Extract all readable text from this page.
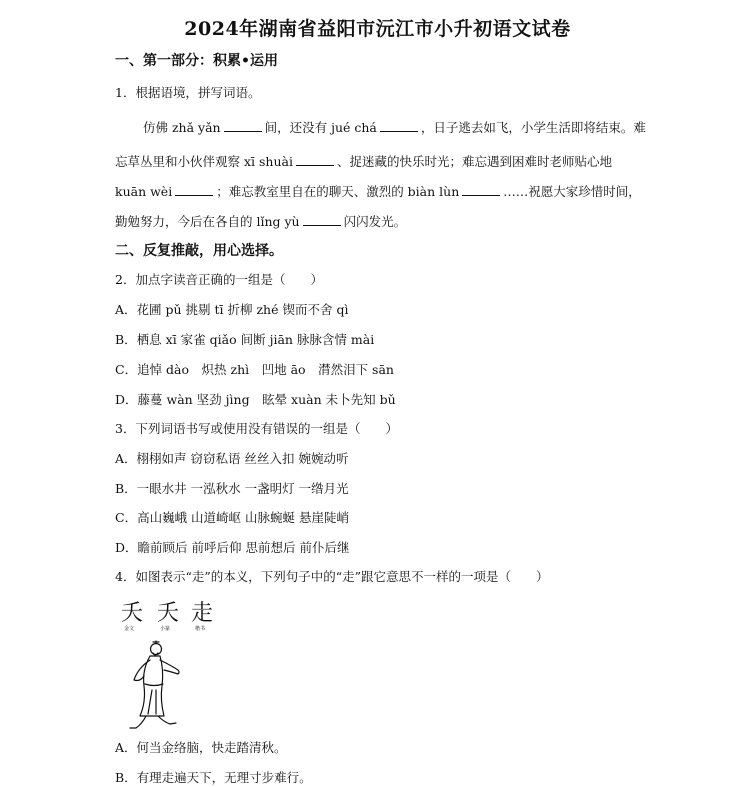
2024年湖南省益阳市沅江市小升初语文试卷
一、第一部分：积累•运用
1．根据语境，拼写词语。
仿佛 zhǎ yǎn	间，还没有 jué chá	，日子逃去如飞，小学生活即将结束。难
忘草丛里和小伙伴观察 xī shuài	、捉迷藏的快乐时光；难忘遇到困难时老师贴心地
kuān wèi	；难忘教室里自在的聊天、激烈的 biàn lùn	……祝愿大家珍惜时间，
勤勉努力，今后在各自的 lǐng yù	闪闪发光。
二、反复推敲，用心选择。
2．加点字读音正确的一组是（　　）
A．花圃 pǔ 挑剔 tī 折柳 zhé 锲而不舍 qì
B．栖息 xī 家雀 qiǎo 间断 jiān 脉脉含情 mài
C．追悼 dào　炽热 zhì　凹地 āo　潸然泪下 sān
D．藤蔓 wàn 坚劲 jìng　眩晕 xuàn 未卜先知 bǔ
3．下列词语书写或使用没有错误的一组是（　　）
A．栩栩如声 窃窃私语 丝丝入扣 婉婉动听
B．一眼水井 一泓秋水 一盏明灯 一绺月光
C．高山巍峨 山道崎岖 山脉蜿蜒 悬崖陡峭
D．瞻前顾后 前呼后仰 思前想后 前仆后继
4．如图表示“走”的本义，下列句子中的“走”跟它意思不一样的一项是（　　）
夭
金文
夭
小篆
走
楷书
A．何当金络脑，快走踏清秋。
B．有理走遍天下，无理寸步难行。
